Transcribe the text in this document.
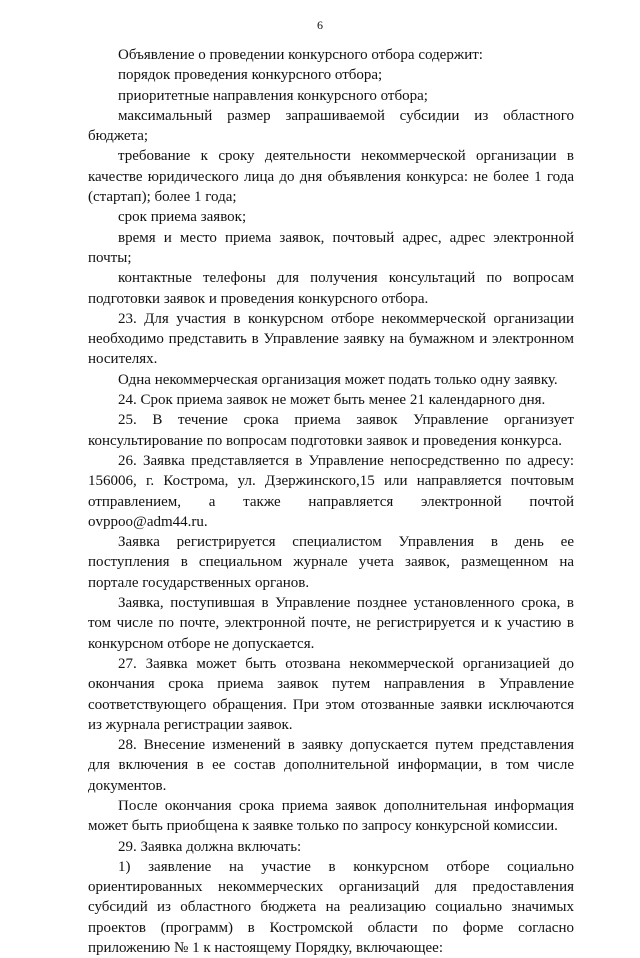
6

Объявление о проведении конкурсного отбора содержит:

порядок проведения конкурсного отбора;

приоритетные направления конкурсного отбора;

максимальный размер запрашиваемой субсидии из областного бюджета;

требование к сроку деятельности некоммерческой организации в качестве юридического лица до дня объявления конкурса: не более 1 года (стартап); более 1 года;

срок приема заявок;

время и место приема заявок, почтовый адрес, адрес электронной почты;

контактные телефоны для получения консультаций по вопросам подготовки заявок и проведения конкурсного отбора.

23. Для участия в конкурсном отборе некоммерческой организации необходимо представить в Управление заявку на бумажном и электронном носителях.

Одна некоммерческая организация может подать только одну заявку.

24. Срок приема заявок не может быть менее 21 календарного дня.

25. В течение срока приема заявок Управление организует консультирование по вопросам подготовки заявок и проведения конкурса.

26. Заявка представляется в Управление непосредственно по адресу: 156006, г. Кострома, ул. Дзержинского,15 или направляется почтовым отправлением, а также направляется электронной почтой ovppoo@adm44.ru.

Заявка регистрируется специалистом Управления в день ее поступления в специальном журнале учета заявок, размещенном на портале государственных органов.

Заявка, поступившая в Управление позднее установленного срока, в том числе по почте, электронной почте, не регистрируется и к участию в конкурсном отборе не допускается.

27. Заявка может быть отозвана некоммерческой организацией до окончания срока приема заявок путем направления в Управление соответствующего обращения. При этом отозванные заявки исключаются из журнала регистрации заявок.

28. Внесение изменений в заявку допускается путем представления для включения в ее состав дополнительной информации, в том числе документов.

После окончания срока приема заявок дополнительная информация может быть приобщена к заявке только по запросу конкурсной комиссии.

29. Заявка должна включать:

1) заявление на участие в конкурсном отборе социально ориентированных некоммерческих организаций для предоставления субсидий из областного бюджета на реализацию социально значимых проектов (программ) в Костромской области по форме согласно приложению № 1 к настоящему Порядку, включающее:
